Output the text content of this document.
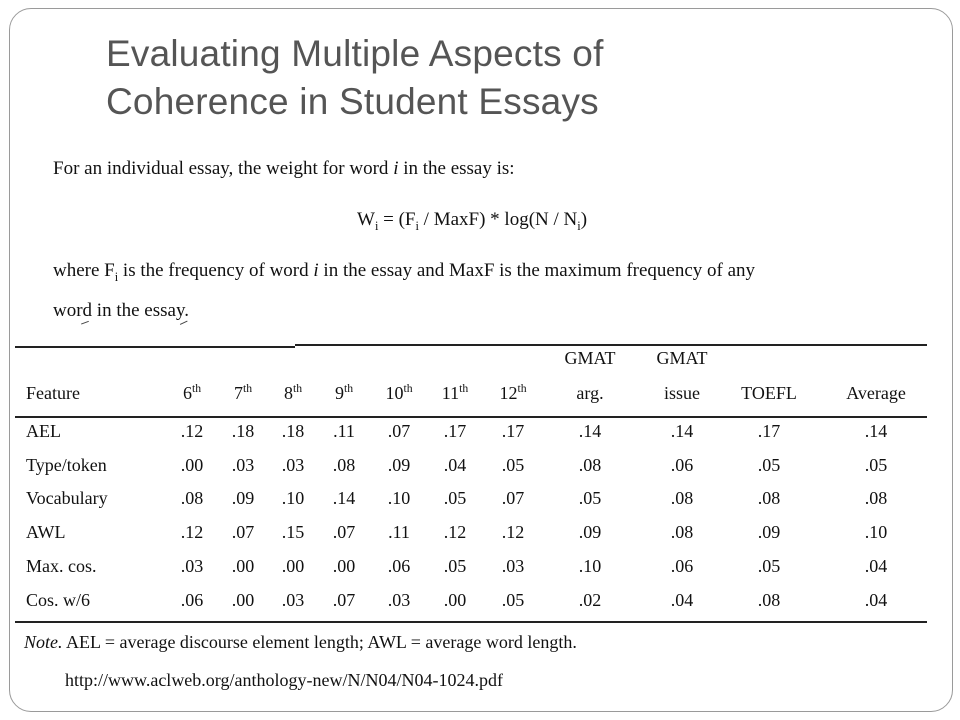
Evaluating Multiple Aspects of
Coherence in Student Essays
For an individual essay, the weight for word i in the essay is:
$W_i = (F_i$ / MaxF) * $\log(N / N_i)$
where $F_i$ is the frequency of word i in the essay and MaxF is the maximum frequency of any
word in the essay.
GMAT GMAT
Feature	6th 7th 8th 9th 10th 11th 12th	arg.	issue TOEFL	Average
AEL	.12 .18 .18 .11 .07 .17 .17	.14	.14	.17	.14
Type/token	.00 .03 .03 .08 .09 .04 .05	.08	.06	.05	.05
Vocabulary	.08 .09 .10 .14 .10 .05 .07	.05	.08	.08	.08
AWL	.12 .07 .15 .07 .11 .12 .12	.09	.08	.09	.10
Max. cos.	.03 .00 .00 .00 .06 .05 .03	.10	.06	.05	.04
Cos. w/6	.06 .00 .03 .07 .03 .00 .05	.02	.04	.08	.04
Note. AEL = average discourse element length; AWL = average word length.
http://www.aclweb.org/anthology-new/N/N04/N04-1024.pdf
